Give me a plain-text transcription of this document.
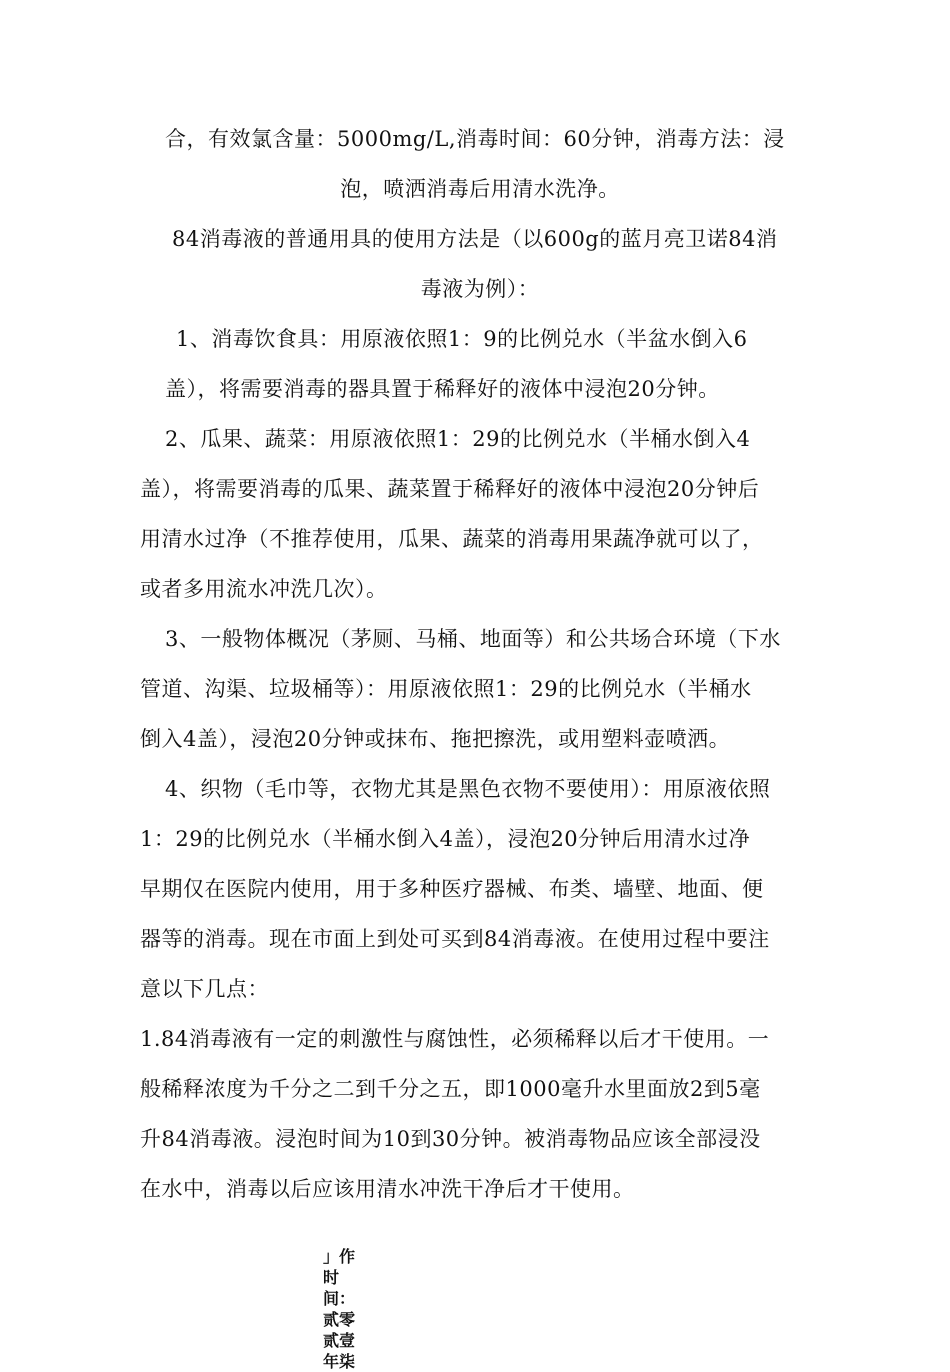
合，有效氯含量：5000mg/L,消毒时间：60分钟，消毒方法：浸
泡，喷洒消毒后用清水洗净。
84消毒液的普通用具的使用方法是（以600g的蓝月亮卫诺84消
毒液为例）：
1、消毒饮食具：用原液依照1：9的比例兑水（半盆水倒入6
盖），将需要消毒的器具置于稀释好的液体中浸泡20分钟。
2、瓜果、蔬菜：用原液依照1：29的比例兑水（半桶水倒入4
盖），将需要消毒的瓜果、蔬菜置于稀释好的液体中浸泡20分钟后
用清水过净（不推荐使用，瓜果、蔬菜的消毒用果蔬净就可以了，
或者多用流水冲洗几次）。
3、一般物体概况（茅厕、马桶、地面等）和公共场合环境（下水
管道、沟渠、垃圾桶等）：用原液依照1：29的比例兑水（半桶水
倒入4盖），浸泡20分钟或抹布、拖把擦洗，或用塑料壶喷洒。
4、织物（毛巾等，衣物尤其是黑色衣物不要使用）：用原液依照
1：29的比例兑水（半桶水倒入4盖），浸泡20分钟后用清水过净
早期仅在医院内使用，用于多种医疗器械、布类、墙壁、地面、便
器等的消毒。现在市面上到处可买到84消毒液。在使用过程中要注
意以下几点：
1.84消毒液有一定的刺激性与腐蚀性，必须稀释以后才干使用。一
般稀释浓度为千分之二到千分之五，即1000毫升水里面放2到5毫
升84消毒液。浸泡时间为10到30分钟。被消毒物品应该全部浸没
在水中，消毒以后应该用清水冲洗干净后才干使用。
」作时间：贰零贰壹年柒
